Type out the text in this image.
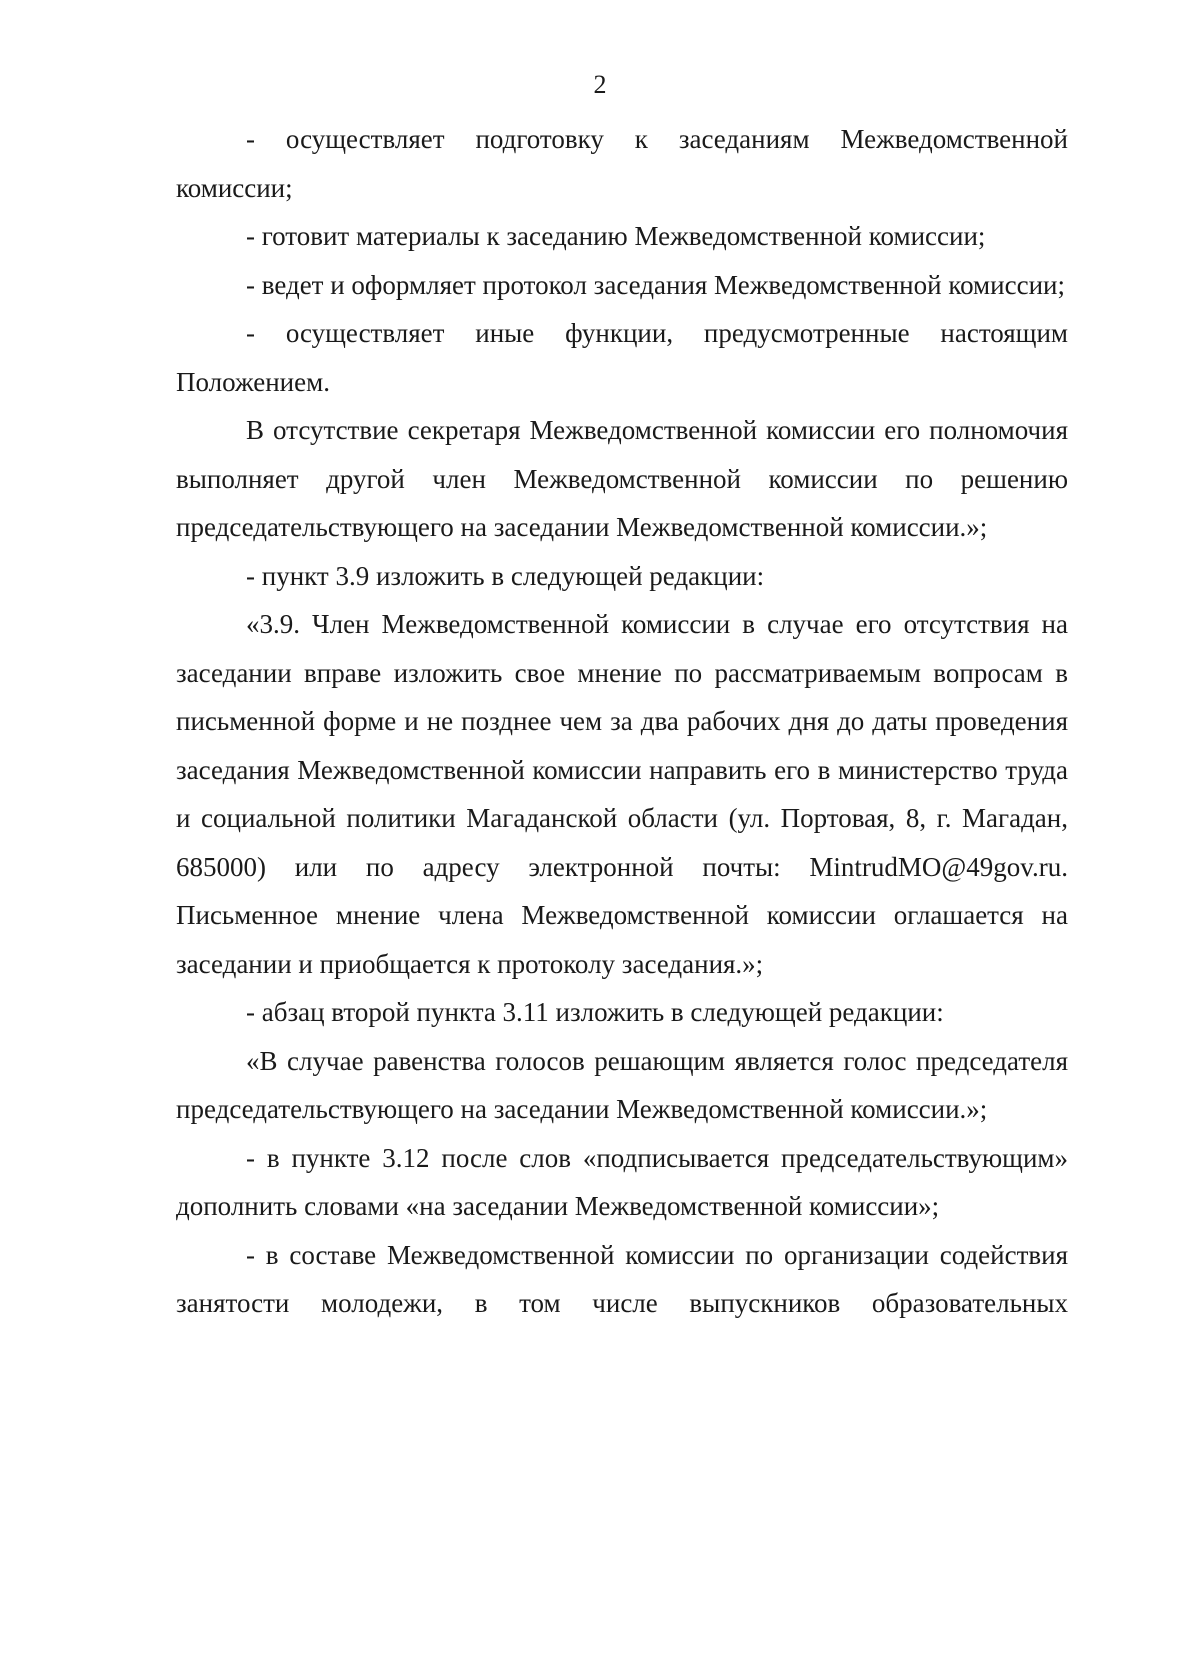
2

- осуществляет подготовку к заседаниям Межведомственной комиссии;

- готовит материалы к заседанию Межведомственной комиссии;

- ведет и оформляет протокол заседания Межведомственной комиссии;

- осуществляет иные функции, предусмотренные настоящим Положением.

В отсутствие секретаря Межведомственной комиссии его полномочия выполняет другой член Межведомственной комиссии по решению председательствующего на заседании Межведомственной комиссии.»;

- пункт 3.9 изложить в следующей редакции:

«3.9. Член Межведомственной комиссии в случае его отсутствия на заседании вправе изложить свое мнение по рассматриваемым вопросам в письменной форме и не позднее чем за два рабочих дня до даты проведения заседания Межведомственной комиссии направить его в министерство труда и социальной политики Магаданской области (ул. Портовая, 8, г. Магадан, 685000) или по адресу электронной почты: MintrudMO@49gov.ru. Письменное мнение члена Межведомственной комиссии оглашается на заседании и приобщается к протоколу заседания.»;

- абзац второй пункта 3.11 изложить в следующей редакции:

«В случае равенства голосов решающим является голос председателя председательствующего на заседании Межведомственной комиссии.»;

- в пункте 3.12 после слов «подписывается председательствующим» дополнить словами «на заседании Межведомственной комиссии»;

- в составе Межведомственной комиссии по организации содействия занятости молодежи, в том числе выпускников образовательных
